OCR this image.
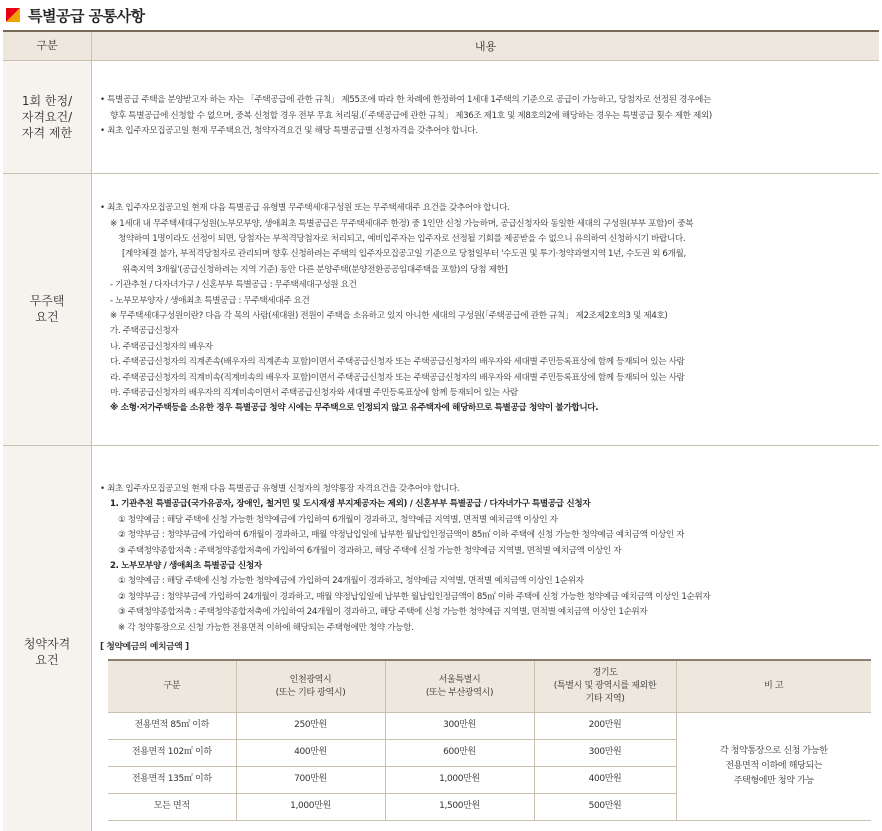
특별공급 공통사항
구분	내용

1회 한정/
자격요건/
자격 제한

• 특별공급 주택을 분양받고자 하는 자는 「주택공급에 관한 규칙」 제55조에 따라 한 차례에 한정하여 1세대 1주택의 기준으로 공급이 가능하고, 당첨자로 선정된 경우에는
향후 특별공급에 신청할 수 없으며, 중복 신청할 경우 전부 무효 처리됨.(「주택공급에 관한 규칙」 제36조 제1호 및 제8호의2에 해당하는 경우는 특별공급 횟수 제한 제외)
• 최초 입주자모집공고일 현재 무주택요건, 청약자격요건 및 해당 특별공급별 신청자격을 갖추어야 합니다.

무주택
요건

• 최초 입주자모집공고일 현재 다음 특별공급 유형별 무주택세대구성원 또는 무주택세대주 요건을 갖추어야 합니다.
※ 1세대 내 무주택세대구성원(노부모부양, 생애최초 특별공급은 무주택세대주 한정) 중 1인만 신청 가능하며, 공급신청자와 동일한 세대의 구성원(부부 포함)이 중복
청약하여 1명이라도 선정이 되면, 당첨자는 부적격당첨자로 처리되고, 예비입주자는 입주자로 선정될 기회를 제공받을 수 없으니 유의하여 신청하시기 바랍니다.
[계약체결 불가, 부적격당첨자로 관리되며 향후 신청하려는 주택의 입주자모집공고일 기준으로 당첨일부터 '수도권 및 투기·청약과열지역 1년, 수도권 외 6개월,
위축지역 3개월'(공급신청하려는 지역 기준) 동안 다른 분양주택(분양전환공공임대주택을 포함)의 당첨 제한]
- 기관추천 / 다자녀가구 / 신혼부부 특별공급 : 무주택세대구성원 요건
- 노부모부양자 / 생애최초 특별공급 : 무주택세대주 요건
※ 무주택세대구성원이란? 다음 각 목의 사람(세대원) 전원이 주택을 소유하고 있지 아니한 세대의 구성원(「주택공급에 관한 규칙」 제2조제2호의3 및 제4호)
가. 주택공급신청자
나. 주택공급신청자의 배우자
다. 주택공급신청자의 직계존속(배우자의 직계존속 포함)이면서 주택공급신청자 또는 주택공급신청자의 배우자와 세대별 주민등록표상에 함께 등재되어 있는 사람
라. 주택공급신청자의 직계비속(직계비속의 배우자 포함)이면서 주택공급신청자 또는 주택공급신청자의 배우자와 세대별 주민등록표상에 함께 등재되어 있는 사람
마. 주택공급신청자의 배우자의 직계비속이면서 주택공급신청자와 세대별 주민등록표상에 함께 등재되어 있는 사람
※ 소형·저가주택등을 소유한 경우 특별공급 청약 시에는 무주택으로 인정되지 않고 유주택자에 해당하므로 특별공급 청약이 불가합니다.

청약자격
요건

• 최초 입주자모집공고일 현재 다음 특별공급 유형별 신청자의 청약통장 자격요건을 갖추어야 합니다.
1. 기관추천 특별공급(국가유공자, 장애인, 철거민 및 도시재생 부지제공자는 제외) / 신혼부부 특별공급 / 다자녀가구 특별공급 신청자
① 청약예금 : 해당 주택에 신청 가능한 청약예금에 가입하여 6개월이 경과하고, 청약예금 지역별, 면적별 예치금액 이상인 자
② 청약부금 : 청약부금에 가입하여 6개월이 경과하고, 매월 약정납입일에 납부한 월납입인정금액이 85㎡ 이하 주택에 신청 가능한 청약예금 예치금액 이상인 자
③ 주택청약종합저축 : 주택청약종합저축에 가입하여 6개월이 경과하고, 해당 주택에 신청 가능한 청약예금 지역별, 면적별 예치금액 이상인 자
2. 노부모부양 / 생애최초 특별공급 신청자
① 청약예금 : 해당 주택에 신청 가능한 청약예금에 가입하여 24개월이 경과하고, 청약예금 지역별, 면적별 예치금액 이상인 1순위자
② 청약부금 : 청약부금에 가입하여 24개월이 경과하고, 매월 약정납입일에 납부한 월납입인정금액이 85㎡ 이하 주택에 신청 가능한 청약예금 예치금액 이상인 1순위자
③ 주택청약종합저축 : 주택청약종합저축에 가입하여 24개월이 경과하고, 해당 주택에 신청 가능한 청약예금 지역별, 면적별 예치금액 이상인 1순위자
※ 각 청약통장으로 신청 가능한 전용면적 이하에 해당되는 주택형에만 청약 가능함.
[ 청약예금의 예치금액 ]
구분	인천광역시
(또는 기타 광역시)	서울특별시
(또는 부산광역시)	경기도
(특별시 및 광역시를 제외한
기타 지역)	비 고
전용면적 85㎡ 이하	250만원	300만원	200만원	각 청약통장으로 신청 가능한
전용면적 이하에 해당되는
주택형에만 청약 가능
전용면적 102㎡ 이하	400만원	600만원	300만원
전용면적 135㎡ 이하	700만원	1,000만원	400만원
모든 면적	1,000만원	1,500만원	500만원
